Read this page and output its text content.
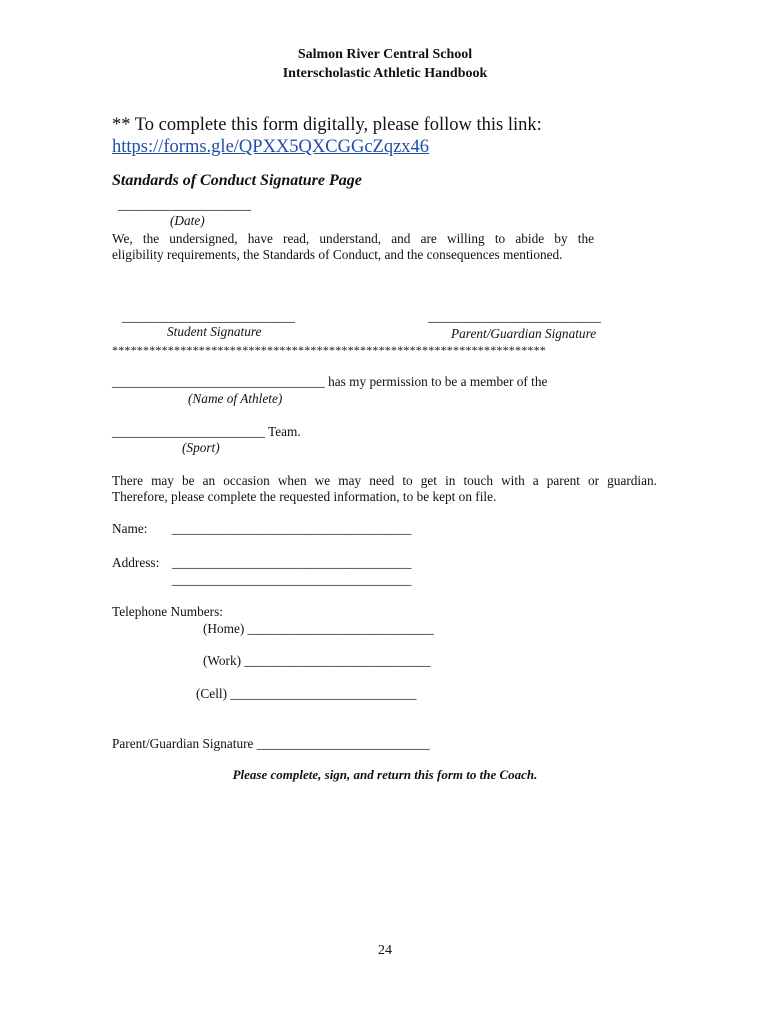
Salmon River Central School
Interscholastic Athletic Handbook
** To complete this form digitally, please follow this link:
https://forms.gle/QPXX5QXCGGcZqzx46
Standards of Conduct Signature Page
____________________
(Date)
We, the undersigned, have read, understand, and are willing to abide by the
eligibility requirements, the Standards of Conduct, and the consequences mentioned.
__________________________
Student Signature
__________________________
Parent/Guardian Signature
**********************************************************************
________________________________ has my permission to be a member of the
(Name of Athlete)
_______________________ Team.
(Sport)
There may be an occasion when we may need to get in touch with a parent or guardian.
Therefore, please complete the requested information, to be kept on file.
Name: ____________________________________
Address: ____________________________________
____________________________________
Telephone Numbers:
(Home) ____________________________
(Work) ____________________________
(Cell) ____________________________
Parent/Guardian Signature __________________________
Please complete, sign, and return this form to the Coach.
24
